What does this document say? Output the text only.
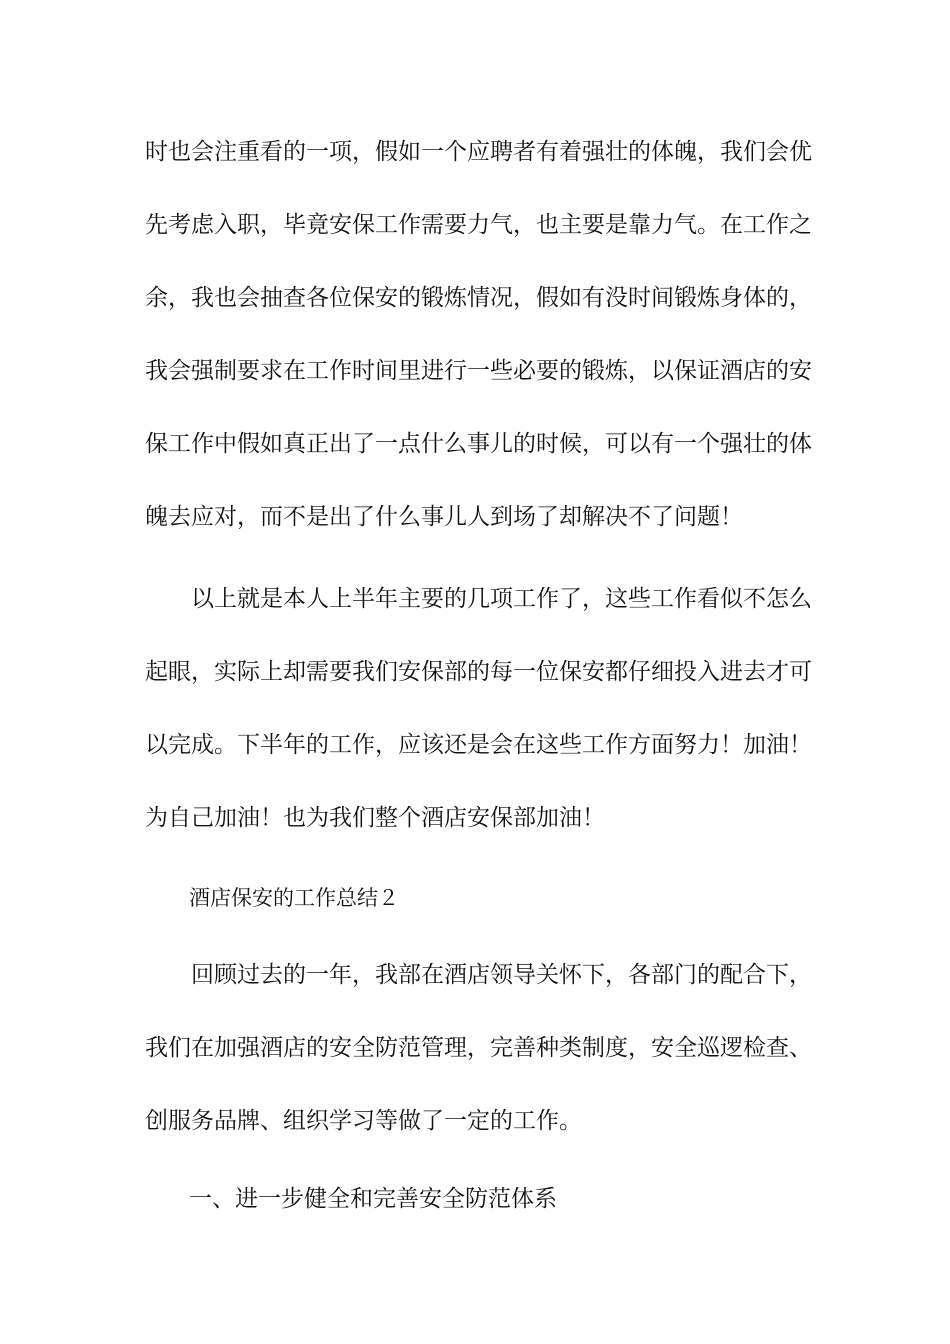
时也会注重看的一项，假如一个应聘者有着强壮的体魄，我们会优
先考虑入职，毕竟安保工作需要力气，也主要是靠力气。在工作之
余，我也会抽查各位保安的锻炼情况，假如有没时间锻炼身体的，
我会强制要求在工作时间里进行一些必要的锻炼，以保证酒店的安
保工作中假如真正出了一点什么事儿的时候，可以有一个强壮的体
魄去应对，而不是出了什么事儿人到场了却解决不了问题！
以上就是本人上半年主要的几项工作了，这些工作看似不怎么
起眼，实际上却需要我们安保部的每一位保安都仔细投入进去才可
以完成。下半年的工作，应该还是会在这些工作方面努力！加油！
为自己加油！也为我们整个酒店安保部加油！
酒店保安的工作总结２
回顾过去的一年，我部在酒店领导关怀下，各部门的配合下，
我们在加强酒店的安全防范管理，完善种类制度，安全巡逻检查、
创服务品牌、组织学习等做了一定的工作。
一、进一步健全和完善安全防范体系
